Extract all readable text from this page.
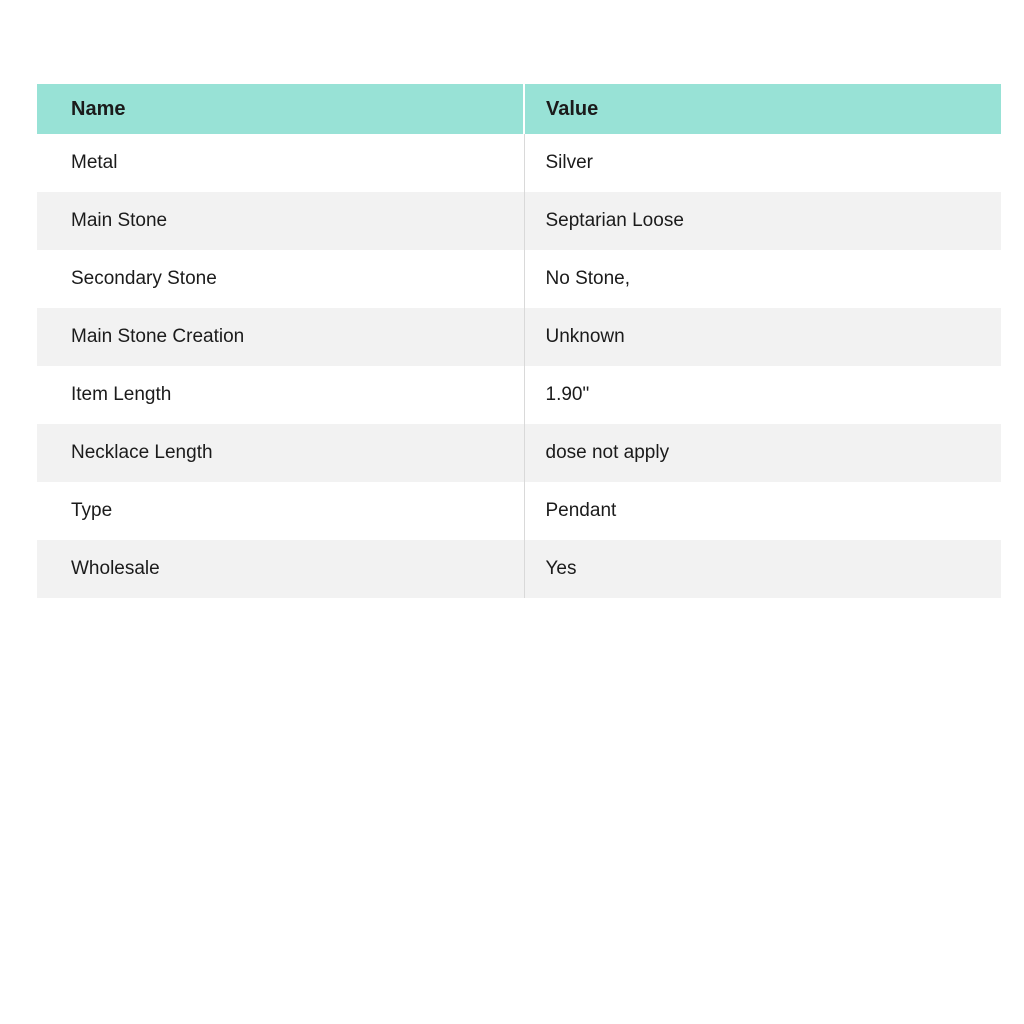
Name	Value
Metal	Silver
Main Stone	Septarian Loose
Secondary Stone	No Stone,
Main Stone Creation	Unknown
Item Length	1.90"
Necklace Length	dose not apply
Type	Pendant
Wholesale	Yes
